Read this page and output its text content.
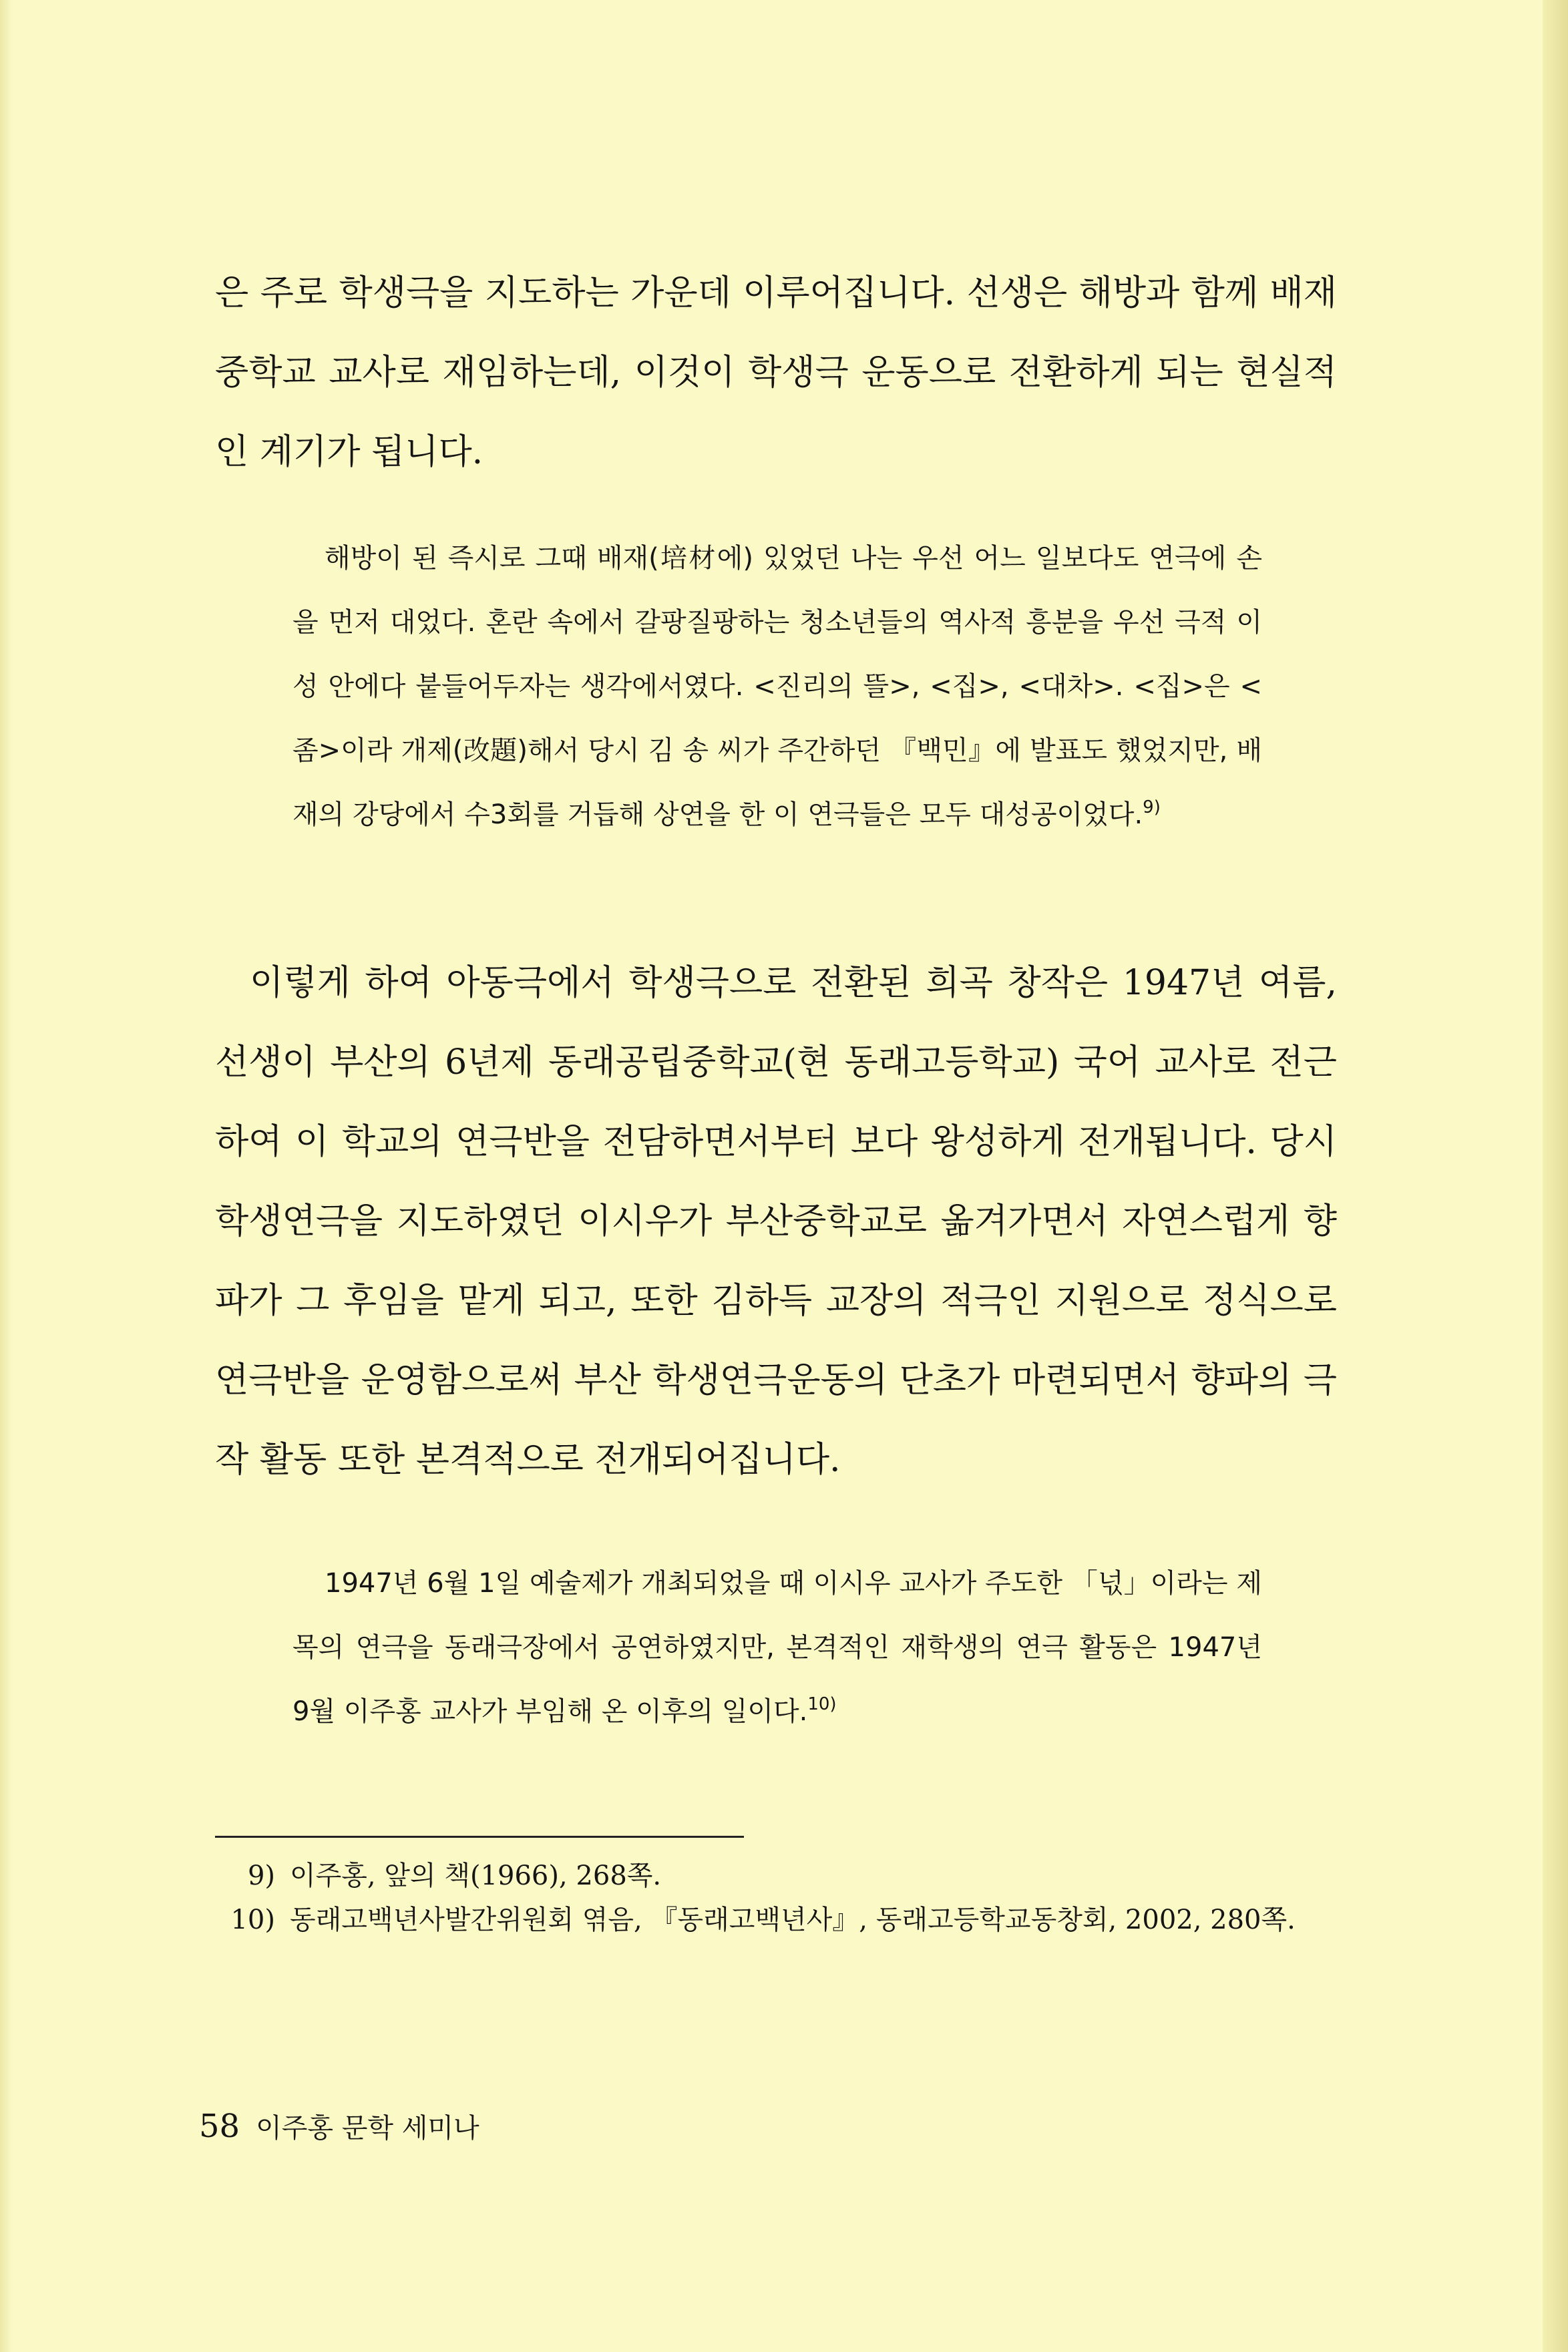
은 주로 학생극을 지도하는 가운데 이루어집니다. 선생은 해방과 함께 배재중학교 교사로 재임하는데, 이것이 학생극 운동으로 전환하게 되는 현실적인 계기가 됩니다.

해방이 된 즉시로 그때 배재(培材에) 있었던 나는 우선 어느 일보다도 연극에 손을 먼저 대었다. 혼란 속에서 갈팡질팡하는 청소년들의 역사적 흥분을 우선 극적 이성 안에다 붙들어두자는 생각에서였다. <진리의 뜰>, <집>, <대차>. <집>은 <좀>이라 개제(改題)해서 당시 김 송 씨가 주간하던 『백민』에 발표도 했었지만, 배재의 강당에서 수3회를 거듭해 상연을 한 이 연극들은 모두 대성공이었다.$^{9)}$

이렇게 하여 아동극에서 학생극으로 전환된 희곡 창작은 1947년 여름, 선생이 부산의 6년제 동래공립중학교(현 동래고등학교) 국어 교사로 전근하여 이 학교의 연극반을 전담하면서부터 보다 왕성하게 전개됩니다. 당시 학생연극을 지도하였던 이시우가 부산중학교로 옮겨가면서 자연스럽게 향파가 그 후임을 맡게 되고, 또한 김하득 교장의 적극인 지원으로 정식으로 연극반을 운영함으로써 부산 학생연극운동의 단초가 마련되면서 향파의 극작 활동 또한 본격적으로 전개되어집니다.

1947년 6월 1일 예술제가 개최되었을 때 이시우 교사가 주도한 「넋」이라는 제목의 연극을 동래극장에서 공연하였지만, 본격적인 재학생의 연극 활동은 1947년 9월 이주홍 교사가 부임해 온 이후의 일이다.$^{10)}$

9) 이주홍, 앞의 책(1966), 268쪽.
10) 동래고백년사발간위원회 엮음, 『동래고백년사』, 동래고등학교동창회, 2002, 280쪽.
58 이주홍 문학 세미나
